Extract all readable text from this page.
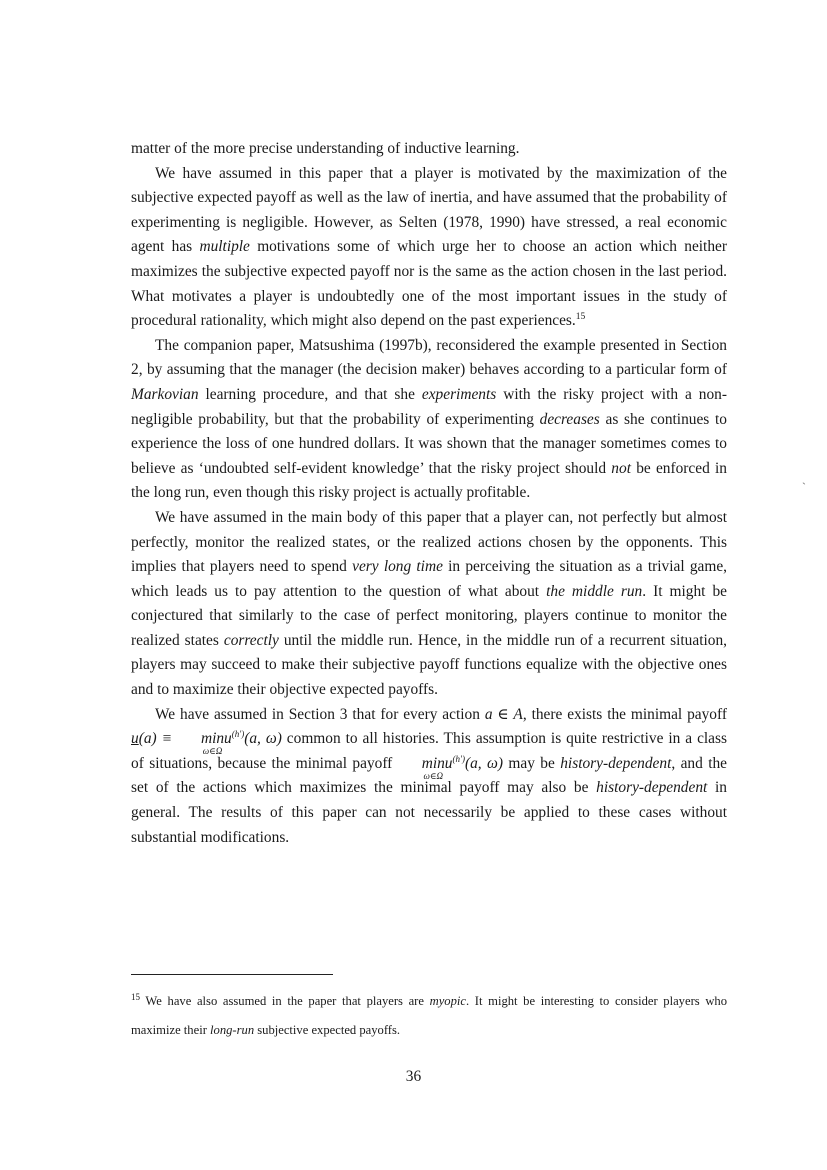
matter of the more precise understanding of inductive learning.

We have assumed in this paper that a player is motivated by the maximization of the subjective expected payoff as well as the law of inertia, and have assumed that the probability of experimenting is negligible. However, as Selten (1978, 1990) have stressed, a real economic agent has multiple motivations some of which urge her to choose an action which neither maximizes the subjective expected payoff nor is the same as the action chosen in the last period. What motivates a player is undoubtedly one of the most important issues in the study of procedural rationality, which might also depend on the past experiences.$^{15}$

The companion paper, Matsushima (1997b), reconsidered the example presented in Section 2, by assuming that the manager (the decision maker) behaves according to a particular form of Markovian learning procedure, and that she experiments with the risky project with a non-negligible probability, but that the probability of experimenting decreases as she continues to experience the loss of one hundred dollars. It was shown that the manager sometimes comes to believe as ‘undoubted self-evident knowledge’ that the risky project should not be enforced in the long run, even though this risky project is actually profitable.

We have assumed in the main body of this paper that a player can, not perfectly but almost perfectly, monitor the realized states, or the realized actions chosen by the opponents. This implies that players need to spend very long time in perceiving the situation as a trivial game, which leads us to pay attention to the question of what about the middle run. It might be conjectured that similarly to the case of perfect monitoring, players continue to monitor the realized states correctly until the middle run. Hence, in the middle run of a recurrent situation, players may succeed to make their subjective payoff functions equalize with the objective ones and to maximize their objective expected payoffs.

We have assumed in Section 3 that for every action a ∈ A, there exists the minimal payoff u(a) ≡ min
ω∈Ω
$u^{(h')}(a$, ω) common to all histories. This assumption is quite restrictive in a class of situations, because the minimal payoff min
ω∈Ω
$u^{(h')}(a$, ω) may be history-dependent, and the set of the actions which maximizes the minimal payoff may also be history-dependent in general. The results of this paper can not necessarily be applied to these cases without substantial modifications.

`
$^{15}$ We have also assumed in the paper that players are myopic. It might be interesting to consider players who maximize their long-run subjective expected payoffs.
36
